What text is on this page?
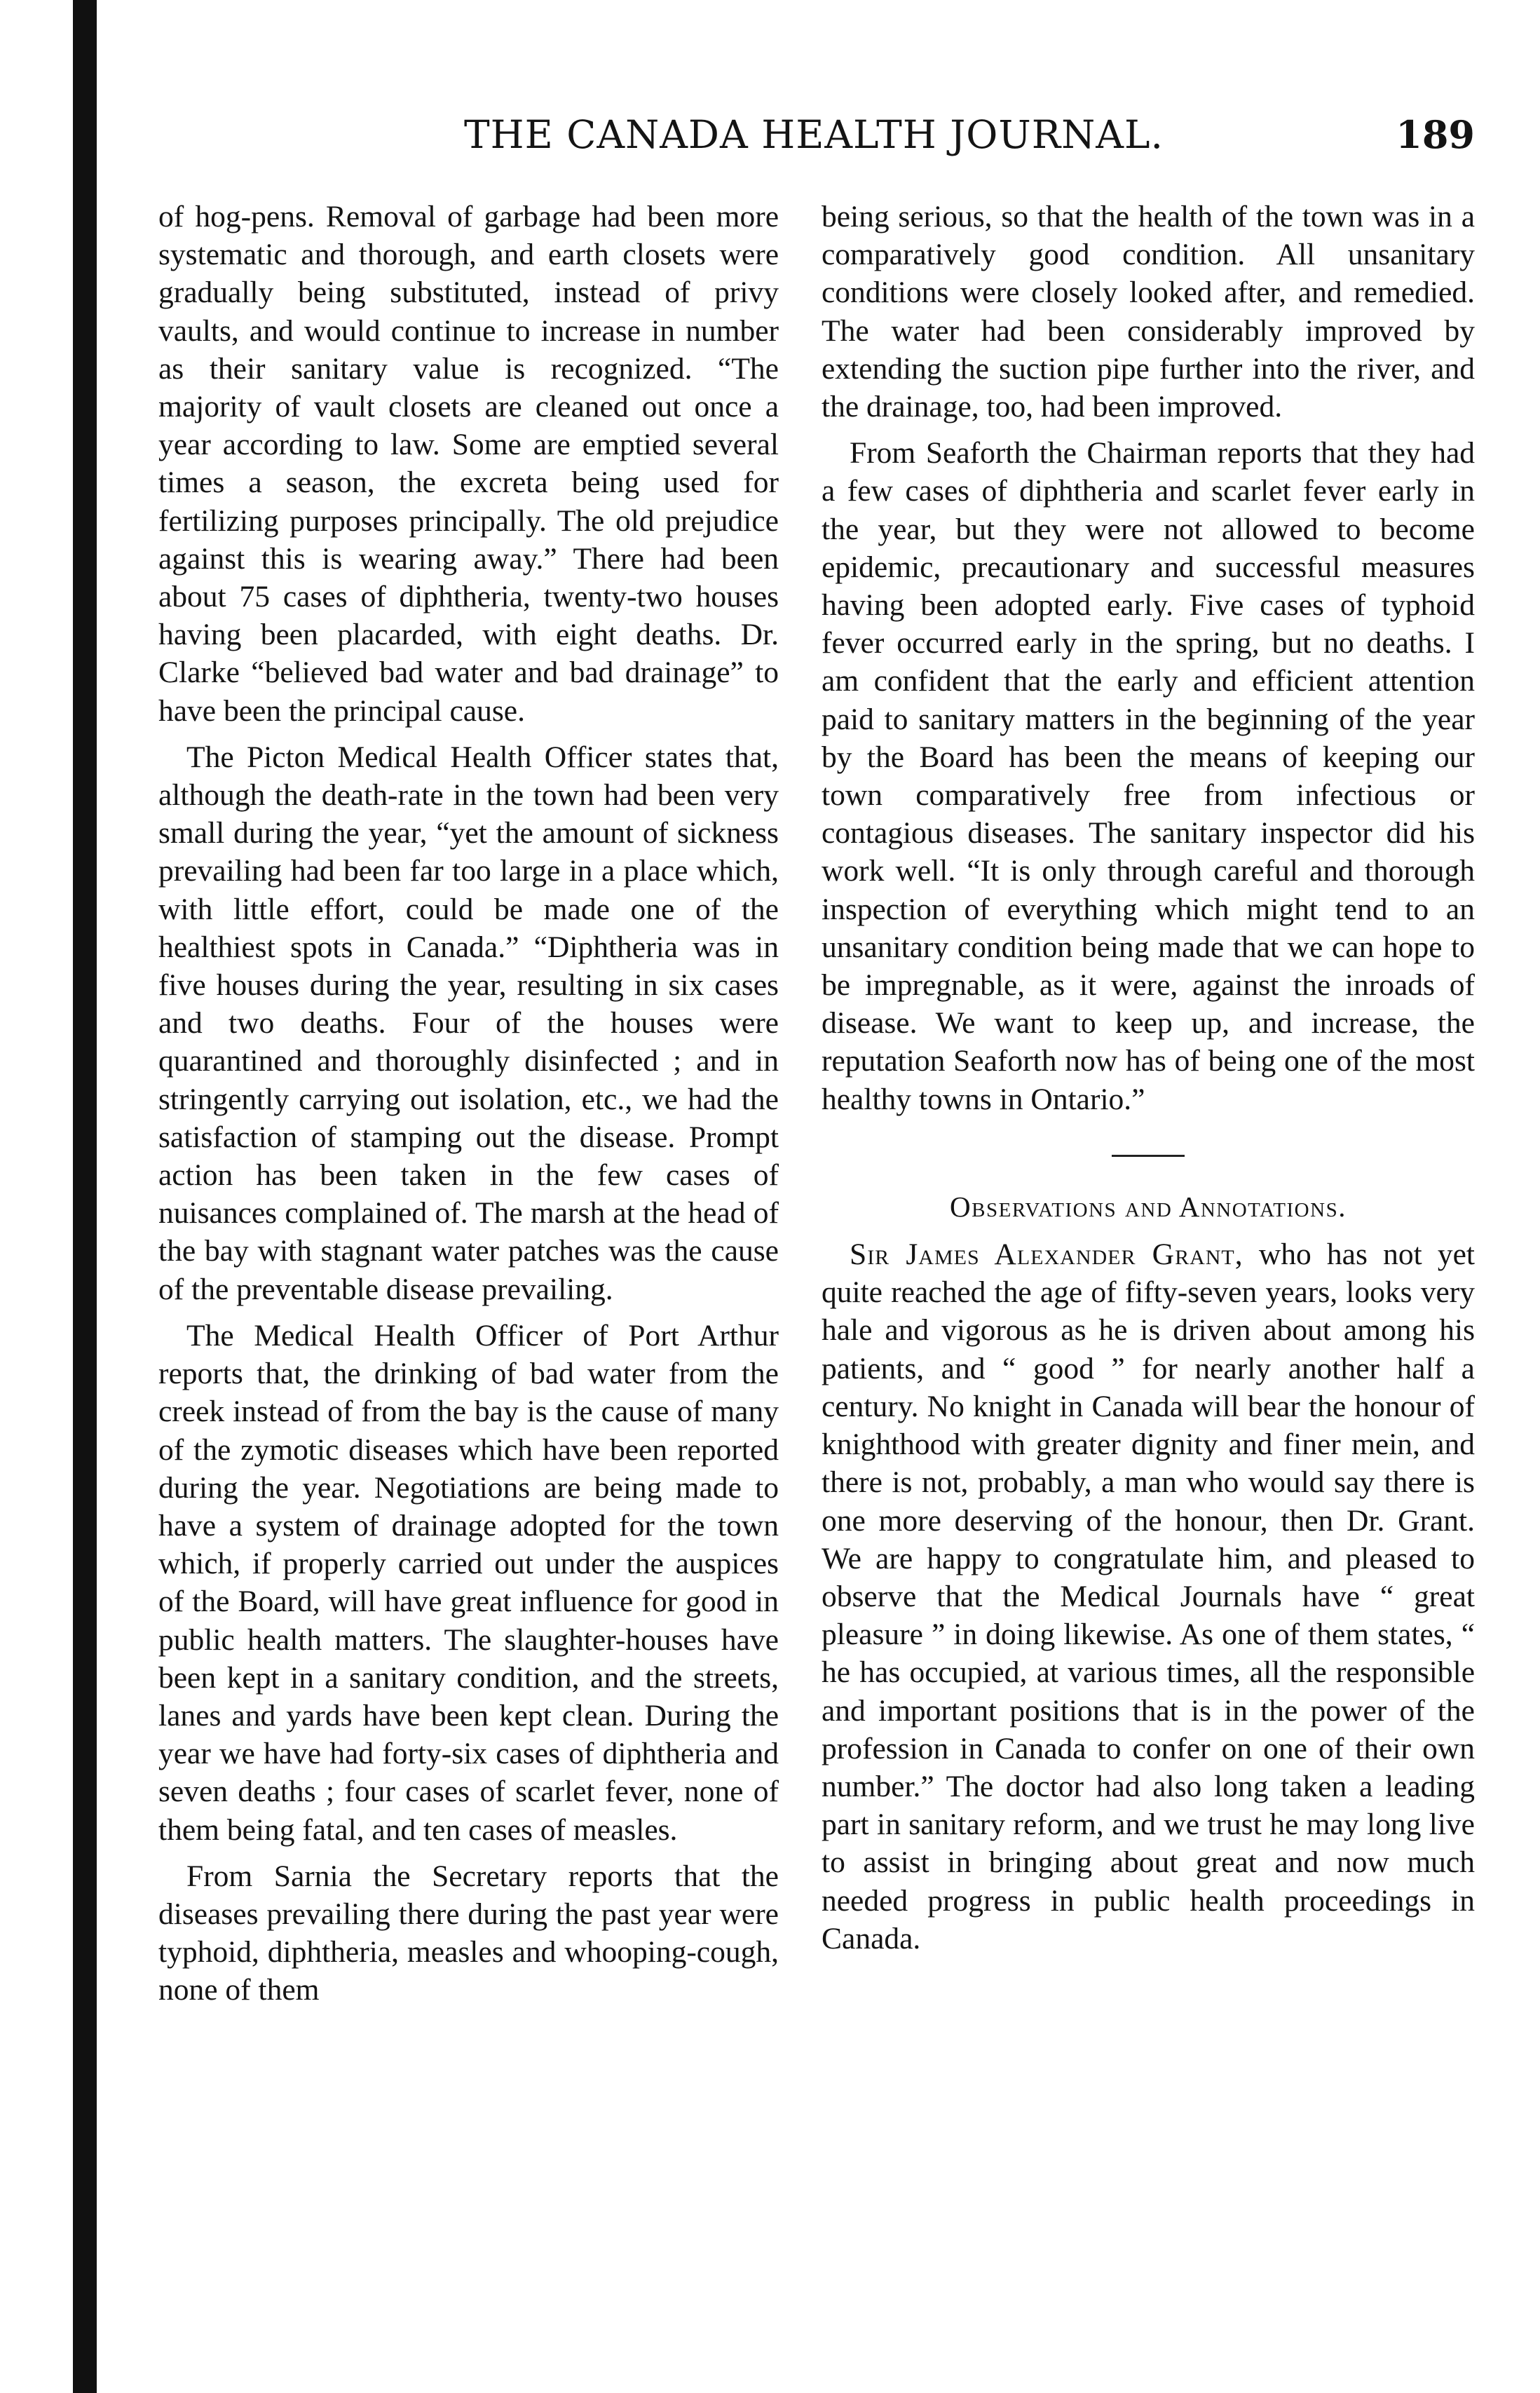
THE CANADA HEALTH JOURNAL.	189

of hog-pens. Removal of garbage had been more systematic and thorough, and earth closets were gradually being substituted, instead of privy vaults, and would continue to increase in number as their sanitary value is recognized. “The majority of vault closets are cleaned out once a year according to law. Some are emptied several times a season, the excreta being used for fertilizing purposes principally. The old prejudice against this is wearing away.” There had been about 75 cases of diphtheria, twenty-two houses having been placarded, with eight deaths. Dr. Clarke “believed bad water and bad drainage” to have been the principal cause.

The Picton Medical Health Officer states that, although the death-rate in the town had been very small during the year, “yet the amount of sickness prevailing had been far too large in a place which, with little effort, could be made one of the healthiest spots in Canada.” “Diphtheria was in five houses during the year, resulting in six cases and two deaths. Four of the houses were quarantined and thoroughly disinfected ; and in stringently carrying out isolation, etc., we had the satisfaction of stamping out the disease. Prompt action has been taken in the few cases of nuisances complained of. The marsh at the head of the bay with stagnant water patches was the cause of the preventable disease prevailing.

The Medical Health Officer of Port Arthur reports that, the drinking of bad water from the creek instead of from the bay is the cause of many of the zymotic diseases which have been reported during the year. Negotiations are being made to have a system of drainage adopted for the town which, if properly carried out under the auspices of the Board, will have great influence for good in public health matters. The slaughter-houses have been kept in a sanitary condition, and the streets, lanes and yards have been kept clean. During the year we have had forty-six cases of diphtheria and seven deaths ; four cases of scarlet fever, none of them being fatal, and ten cases of measles.

From Sarnia the Secretary reports that the diseases prevailing there during the past year were typhoid, diphtheria, measles and whooping-cough, none of them

being serious, so that the health of the town was in a comparatively good condition. All unsanitary conditions were closely looked after, and remedied. The water had been considerably improved by extending the suction pipe further into the river, and the drainage, too, had been improved.

From Seaforth the Chairman reports that they had a few cases of diphtheria and scarlet fever early in the year, but they were not allowed to become epidemic, precautionary and successful measures having been adopted early. Five cases of typhoid fever occurred early in the spring, but no deaths. I am confident that the early and efficient attention paid to sanitary matters in the beginning of the year by the Board has been the means of keeping our town comparatively free from infectious or contagious diseases. The sanitary inspector did his work well. “It is only through careful and thorough inspection of everything which might tend to an unsanitary condition being made that we can hope to be impregnable, as it were, against the inroads of disease. We want to keep up, and increase, the reputation Seaforth now has of being one of the most healthy towns in Ontario.”

Observations and Annotations.

Sir James Alexander Grant, who has not yet quite reached the age of fifty-seven years, looks very hale and vigorous as he is driven about among his patients, and “ good ” for nearly another half a century. No knight in Canada will bear the honour of knighthood with greater dignity and finer mein, and there is not, probably, a man who would say there is one more deserving of the honour, then Dr. Grant. We are happy to congratulate him, and pleased to observe that the Medical Journals have “ great pleasure ” in doing likewise. As one of them states, “ he has occupied, at various times, all the responsible and important positions that is in the power of the profession in Canada to confer on one of their own number.” The doctor had also long taken a leading part in sanitary reform, and we trust he may long live to assist in bringing about great and now much needed progress in public health proceedings in Canada.
